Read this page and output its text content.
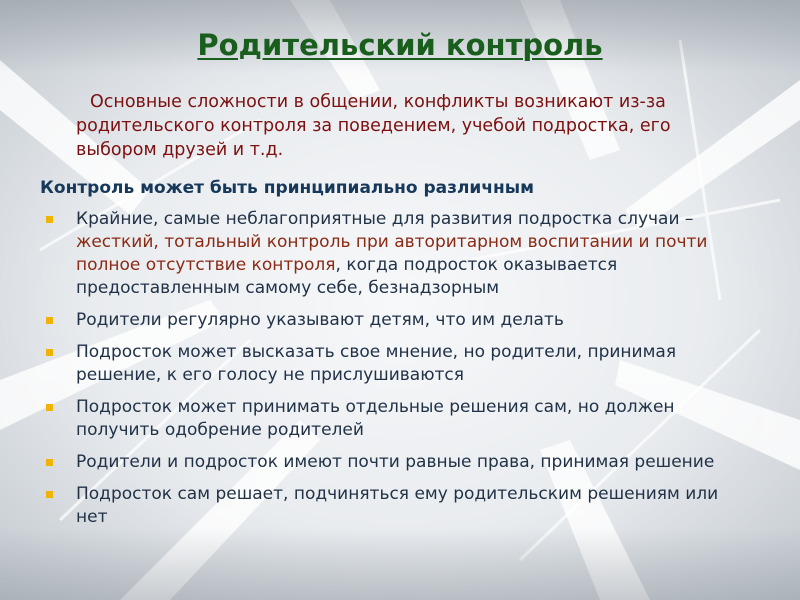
Родительский контроль
Основные сложности в общении, конфликты возникают из-за родительского контроля за поведением, учебой подростка, его выбором друзей и т.д.
Контроль может быть принципиально различным
Крайние, самые неблагоприятные для развития подростка случаи – жесткий, тотальный контроль при авторитарном воспитании и почти полное отсутствие контроля, когда подросток оказывается предоставленным самому себе, безнадзорным
Родители регулярно указывают детям, что им делать
Подросток может высказать свое мнение, но родители, принимая решение, к его голосу не прислушиваются
Подросток может принимать отдельные решения сам, но должен получить одобрение родителей
Родители и подросток имеют почти равные права, принимая решение
Подросток сам решает, подчиняться ему родительским решениям или нет
